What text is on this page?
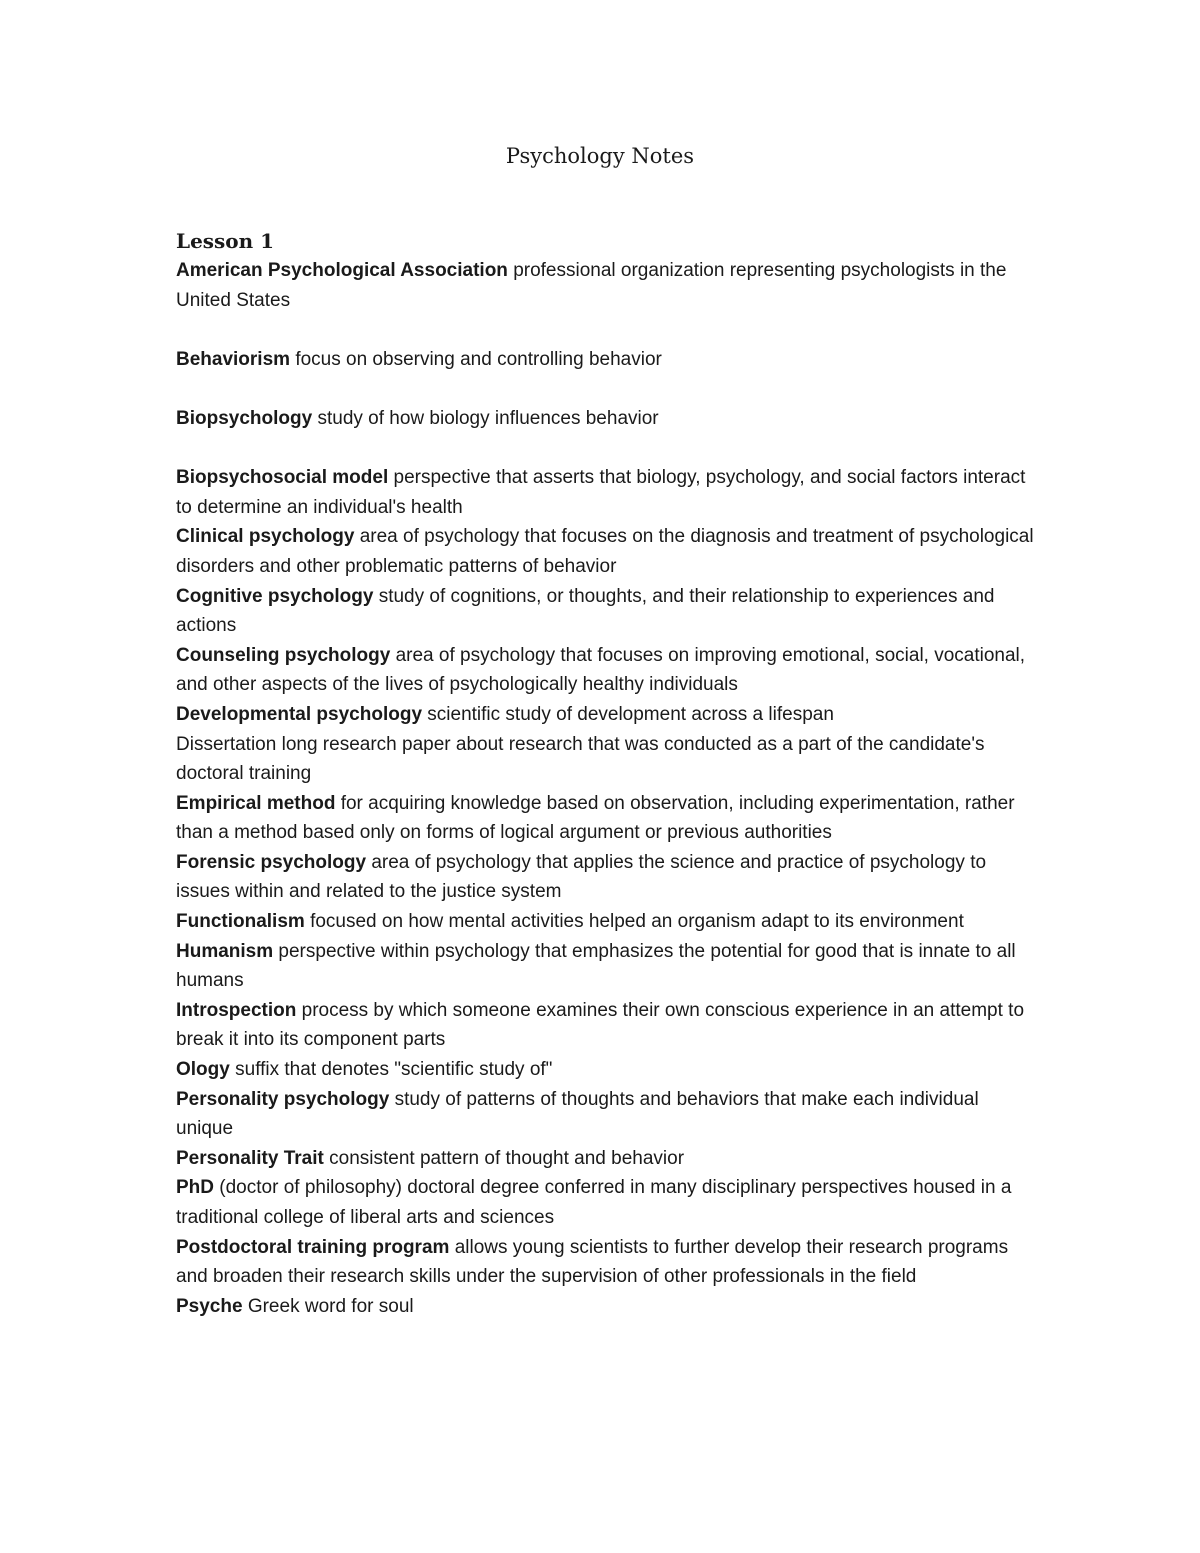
Psychology Notes

Lesson 1

American Psychological Association professional organization representing psychologists in the United States

Behaviorism focus on observing and controlling behavior

Biopsychology study of how biology influences behavior

Biopsychosocial model perspective that asserts that biology, psychology, and social factors interact to determine an individual's health

Clinical psychology area of psychology that focuses on the diagnosis and treatment of psychological disorders and other problematic patterns of behavior

Cognitive psychology study of cognitions, or thoughts, and their relationship to experiences and actions

Counseling psychology area of psychology that focuses on improving emotional, social, vocational, and other aspects of the lives of psychologically healthy individuals

Developmental psychology scientific study of development across a lifespan

Dissertation long research paper about research that was conducted as a part of the candidate's doctoral training

Empirical method for acquiring knowledge based on observation, including experimentation, rather than a method based only on forms of logical argument or previous authorities

Forensic psychology area of psychology that applies the science and practice of psychology to issues within and related to the justice system

Functionalism focused on how mental activities helped an organism adapt to its environment

Humanism perspective within psychology that emphasizes the potential for good that is innate to all humans

Introspection process by which someone examines their own conscious experience in an attempt to break it into its component parts

Ology suffix that denotes "scientific study of"

Personality psychology study of patterns of thoughts and behaviors that make each individual unique

Personality Trait consistent pattern of thought and behavior

PhD (doctor of philosophy) doctoral degree conferred in many disciplinary perspectives housed in a traditional college of liberal arts and sciences

Postdoctoral training program allows young scientists to further develop their research programs and broaden their research skills under the supervision of other professionals in the field

Psyche Greek word for soul
